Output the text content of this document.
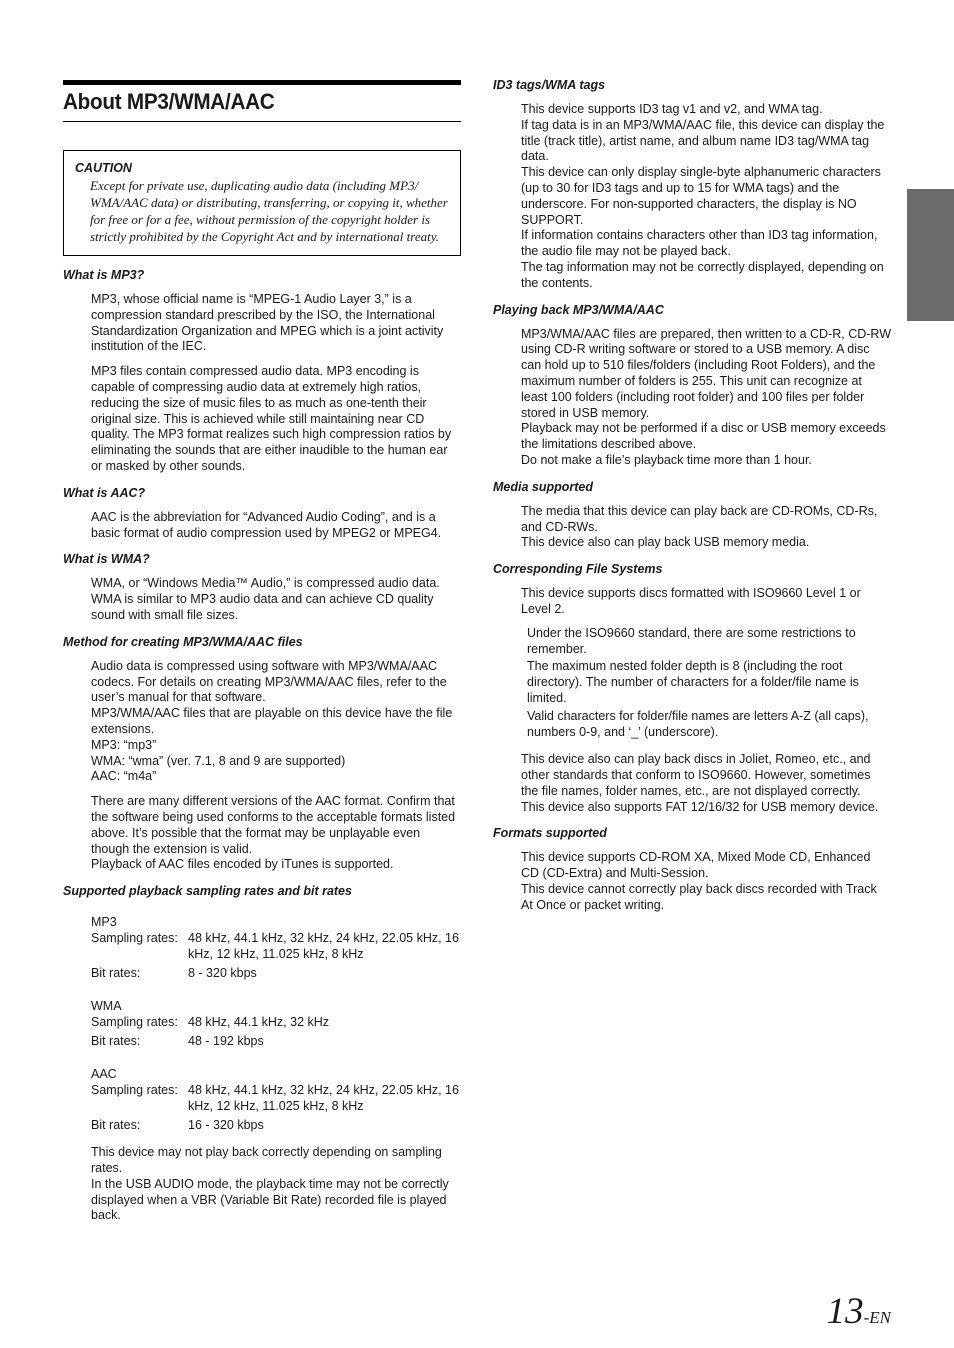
About MP3/WMA/AAC
CAUTION
Except for private use, duplicating audio data (including MP3/ WMA/AAC data) or distributing, transferring, or copying it, whether for free or for a fee, without permission of the copyright holder is strictly prohibited by the Copyright Act and by international treaty.
What is MP3?

MP3, whose official name is “MPEG-1 Audio Layer 3,” is a compression standard prescribed by the ISO, the International Standardization Organization and MPEG which is a joint activity institution of the IEC.

MP3 files contain compressed audio data. MP3 encoding is capable of compressing audio data at extremely high ratios, reducing the size of music files to as much as one-tenth their original size. This is achieved while still maintaining near CD quality. The MP3 format realizes such high compression ratios by eliminating the sounds that are either inaudible to the human ear or masked by other sounds.

What is AAC?

AAC is the abbreviation for “Advanced Audio Coding”, and is a basic format of audio compression used by MPEG2 or MPEG4.

What is WMA?

WMA, or “Windows Media™ Audio,” is compressed audio data. WMA is similar to MP3 audio data and can achieve CD quality sound with small file sizes.

Method for creating MP3/WMA/AAC files

Audio data is compressed using software with MP3/WMA/AAC codecs. For details on creating MP3/WMA/AAC files, refer to the user’s manual for that software.

MP3/WMA/AAC files that are playable on this device have the file extensions.

MP3: “mp3”

WMA: “wma” (ver. 7.1, 8 and 9 are supported)

AAC: “m4a”

There are many different versions of the AAC format. Confirm that the software being used conforms to the acceptable formats listed above. It’s possible that the format may be unplayable even though the extension is valid.

Playback of AAC files encoded by iTunes is supported.

Supported playback sampling rates and bit rates
MP3
Sampling rates: 48 kHz, 44.1 kHz, 32 kHz, 24 kHz, 22.05 kHz, 16 kHz, 12 kHz, 11.025 kHz, 8 kHz
Bit rates:	8 - 320 kbps
WMA
Sampling rates: 48 kHz, 44.1 kHz, 32 kHz
Bit rates:	48 - 192 kbps
AAC
Sampling rates: 48 kHz, 44.1 kHz, 32 kHz, 24 kHz, 22.05 kHz, 16 kHz, 12 kHz, 11.025 kHz, 8 kHz
Bit rates:	16 - 320 kbps

This device may not play back correctly depending on sampling rates.

In the USB AUDIO mode, the playback time may not be correctly displayed when a VBR (Variable Bit Rate) recorded file is played back.

ID3 tags/WMA tags

This device supports ID3 tag v1 and v2, and WMA tag.

If tag data is in an MP3/WMA/AAC file, this device can display the title (track title), artist name, and album name ID3 tag/WMA tag data.

This device can only display single-byte alphanumeric characters (up to 30 for ID3 tags and up to 15 for WMA tags) and the underscore. For non-supported characters, the display is NO SUPPORT.

If information contains characters other than ID3 tag information, the audio file may not be played back.

The tag information may not be correctly displayed, depending on the contents.

Playing back MP3/WMA/AAC

MP3/WMA/AAC files are prepared, then written to a CD-R, CD-RW using CD-R writing software or stored to a USB memory. A disc can hold up to 510 files/folders (including Root Folders), and the maximum number of folders is 255. This unit can recognize at least 100 folders (including root folder) and 100 files per folder stored in USB memory.

Playback may not be performed if a disc or USB memory exceeds the limitations described above.

Do not make a file’s playback time more than 1 hour.

Media supported

The media that this device can play back are CD-ROMs, CD-Rs, and CD-RWs.

This device also can play back USB memory media.

Corresponding File Systems

This device supports discs formatted with ISO9660 Level 1 or Level 2.

Under the ISO9660 standard, there are some restrictions to remember.

The maximum nested folder depth is 8 (including the root directory). The number of characters for a folder/file name is limited.

Valid characters for folder/file names are letters A-Z (all caps), numbers 0-9, and ‘_’ (underscore).

This device also can play back discs in Joliet, Romeo, etc., and other standards that conform to ISO9660. However, sometimes the file names, folder names, etc., are not displayed correctly.

This device also supports FAT 12/16/32 for USB memory device.

Formats supported

This device supports CD-ROM XA, Mixed Mode CD, Enhanced CD (CD-Extra) and Multi-Session.

This device cannot correctly play back discs recorded with Track At Once or packet writing.

13-EN
